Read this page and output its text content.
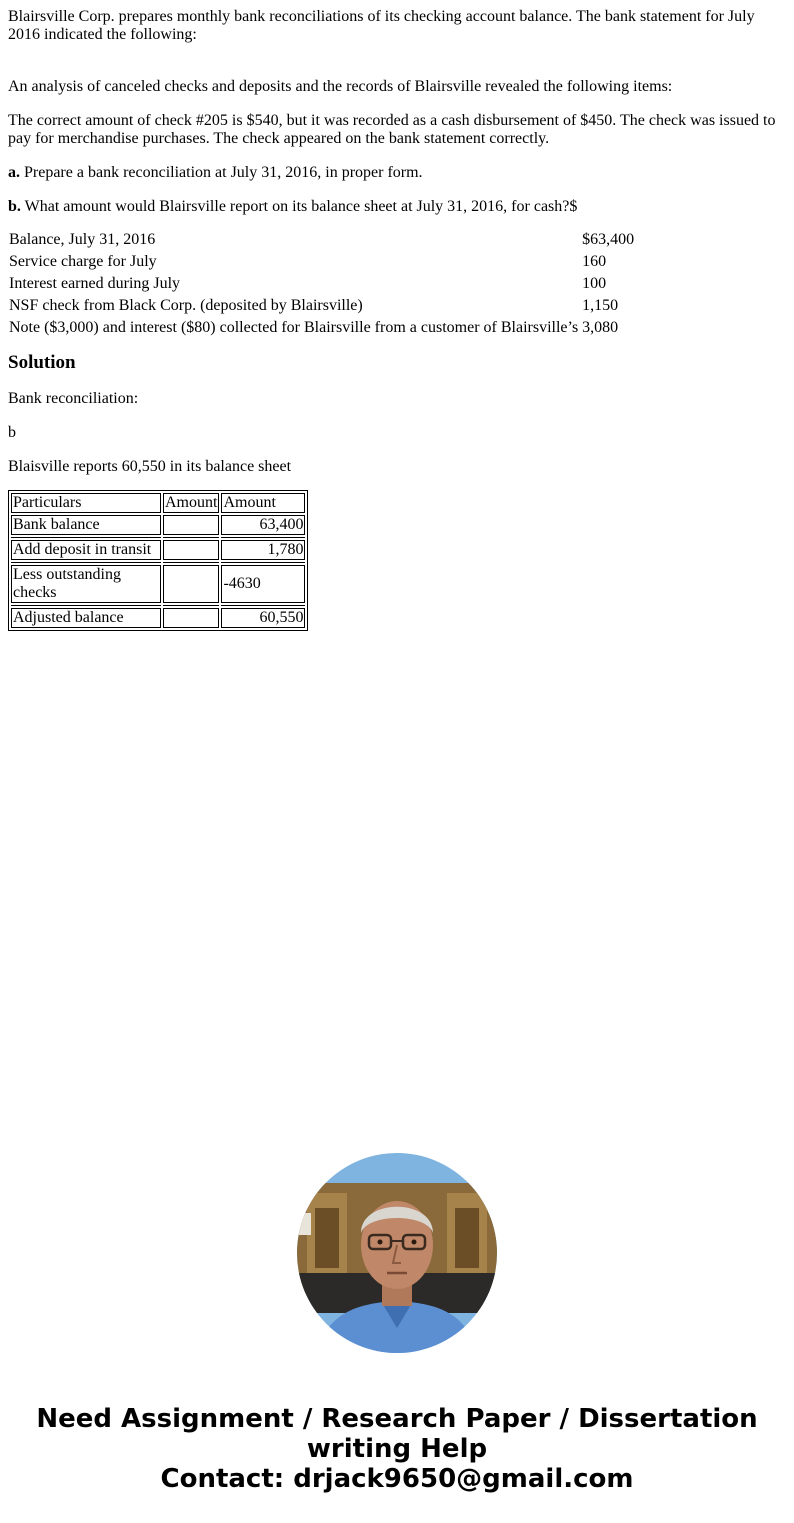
Blairsville Corp. prepares monthly bank reconciliations of its checking account balance. The bank statement for July 2016 indicated the following:

An analysis of canceled checks and deposits and the records of Blairsville revealed the following items:

The correct amount of check #205 is $540, but it was recorded as a cash disbursement of $450. The check was issued to pay for merchandise purchases. The check appeared on the bank statement correctly.

a. Prepare a bank reconciliation at July 31, 2016, in proper form.

b. What amount would Blairsville report on its balance sheet at July 31, 2016, for cash?$

Balance, July 31, 2016	$63,400
Service charge for July	160
Interest earned during July	100
NSF check from Black Corp. (deposited by Blairsville)	1,150
Note ($3,000) and interest ($80) collected for Blairsville from a customer of Blairsville’s	3,080
Solution

Bank reconciliation:

b

Blaisville reports 60,550 in its balance sheet

Particulars	Amount	Amount
Bank balance		63,400

Add deposit in transit		1,780

Less outstanding checks		-4630

Adjusted balance		60,550
Need Assignment / Research Paper / Dissertation
writing Help
Contact: drjack9650@gmail.com
